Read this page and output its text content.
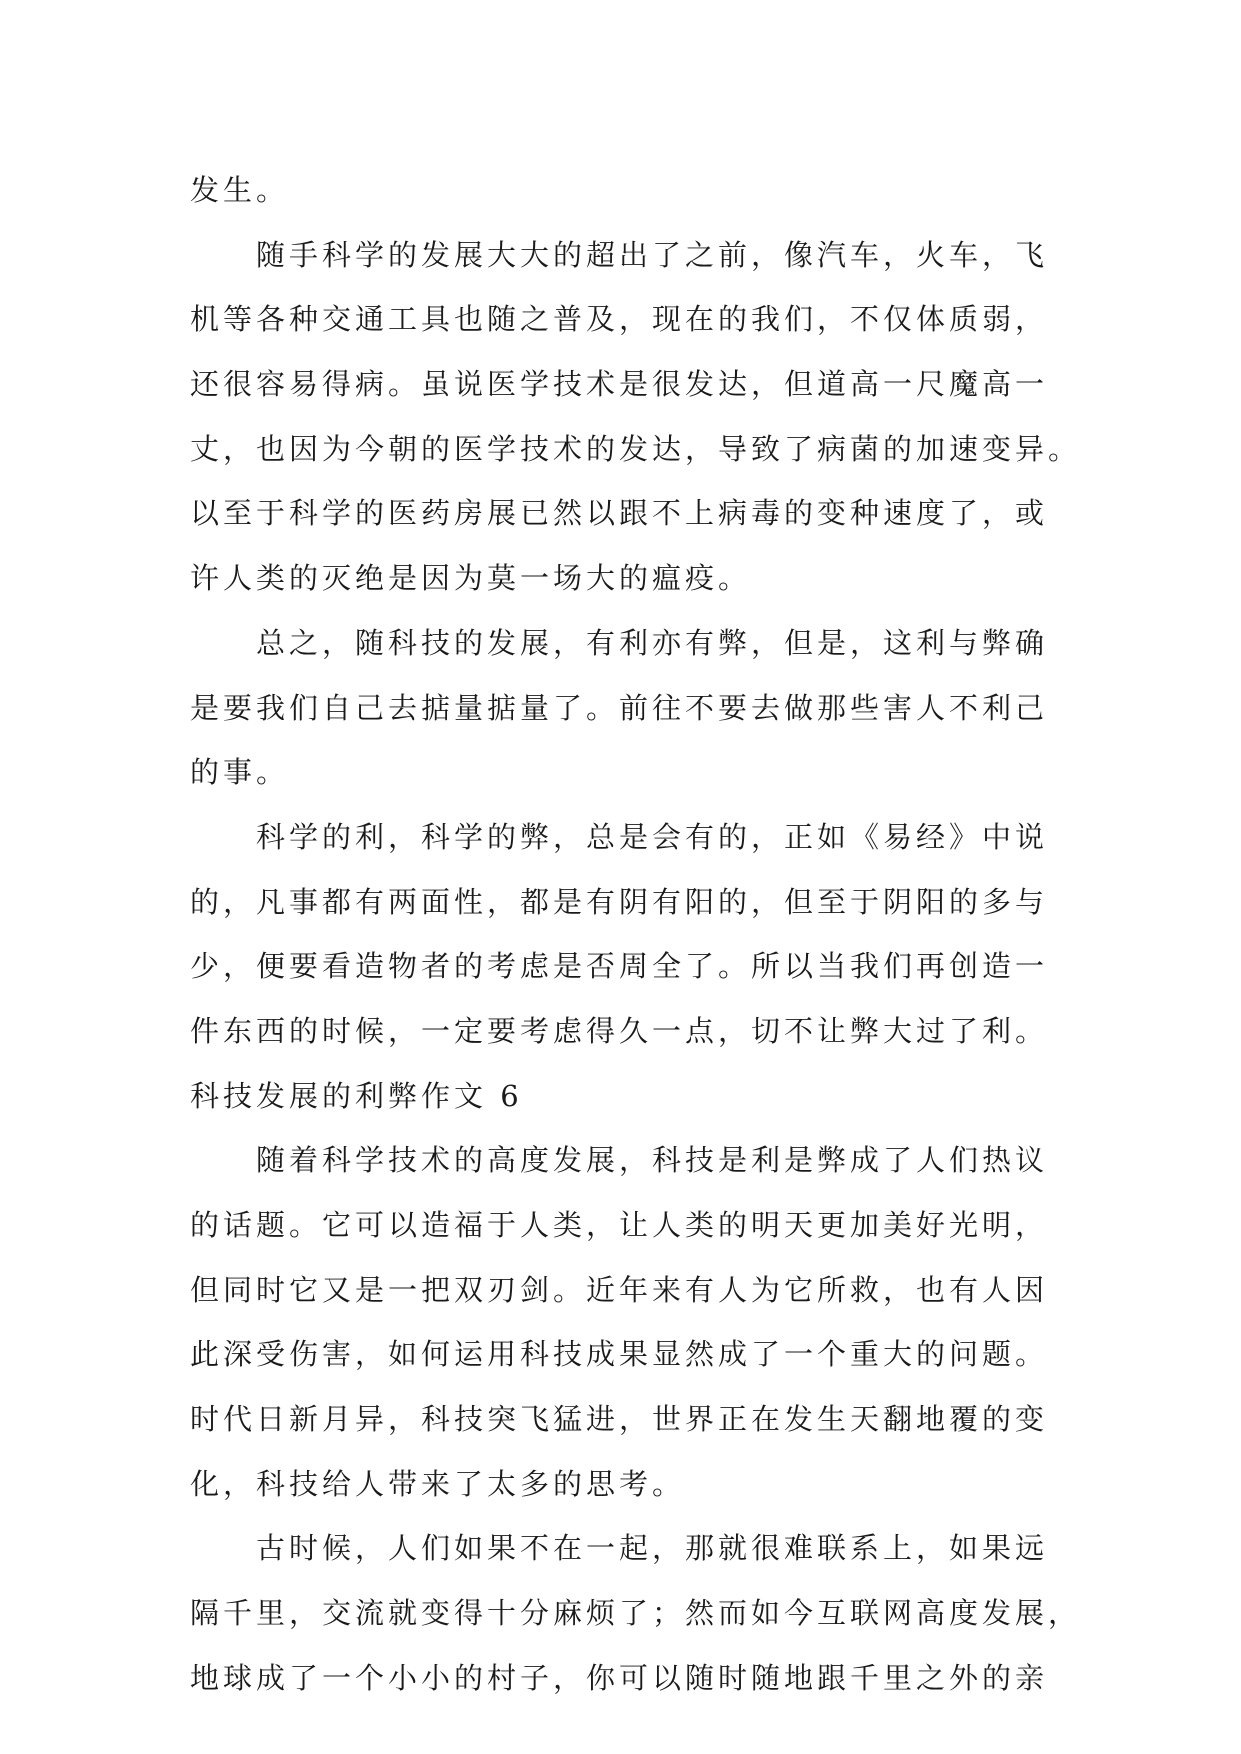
发生。
随手科学的发展大大的超出了之前，像汽车，火车，飞
机等各种交通工具也随之普及，现在的我们，不仅体质弱，
还很容易得病。虽说医学技术是很发达，但道高一尺魔高一
丈，也因为今朝的医学技术的发达，导致了病菌的加速变异。
以至于科学的医药房展已然以跟不上病毒的变种速度了，或
许人类的灭绝是因为莫一场大的瘟疫。
总之，随科技的发展，有利亦有弊，但是，这利与弊确
是要我们自己去掂量掂量了。前往不要去做那些害人不利己
的事。
科学的利，科学的弊，总是会有的，正如《易经》中说
的，凡事都有两面性，都是有阴有阳的，但至于阴阳的多与
少，便要看造物者的考虑是否周全了。所以当我们再创造一
件东西的时候，一定要考虑得久一点，切不让弊大过了利。
科技发展的利弊作文 6
随着科学技术的高度发展，科技是利是弊成了人们热议
的话题。它可以造福于人类，让人类的明天更加美好光明，
但同时它又是一把双刃剑。近年来有人为它所救，也有人因
此深受伤害，如何运用科技成果显然成了一个重大的问题。
时代日新月异，科技突飞猛进，世界正在发生天翻地覆的变
化，科技给人带来了太多的思考。
古时候，人们如果不在一起，那就很难联系上，如果远
隔千里，交流就变得十分麻烦了；然而如今互联网高度发展，
地球成了一个小小的村子，你可以随时随地跟千里之外的亲
